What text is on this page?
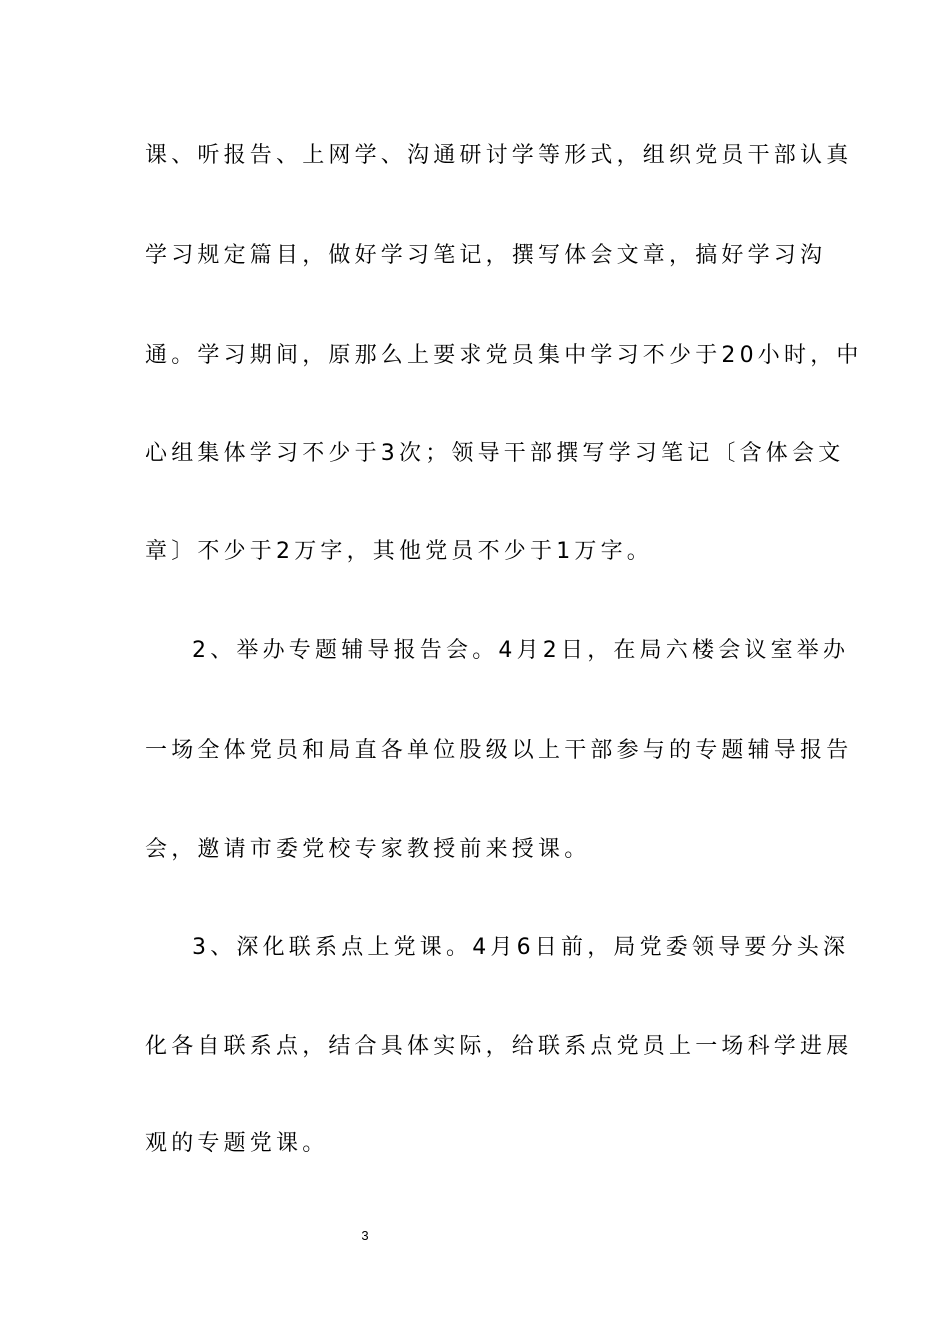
课、听报告、上网学、沟通研讨学等形式，组织党员干部认真
学习规定篇目，做好学习笔记，撰写体会文章，搞好学习沟
通。学习期间，原那么上要求党员集中学习不少于20小时，中
心组集体学习不少于3次；领导干部撰写学习笔记〔含体会文
章〕不少于2万字，其他党员不少于1万字。
2、举办专题辅导报告会。4月2日，在局六楼会议室举办
一场全体党员和局直各单位股级以上干部参与的专题辅导报告
会，邀请市委党校专家教授前来授课。
3、深化联系点上党课。4月6日前，局党委领导要分头深
化各自联系点，结合具体实际，给联系点党员上一场科学进展
观的专题党课。
3
